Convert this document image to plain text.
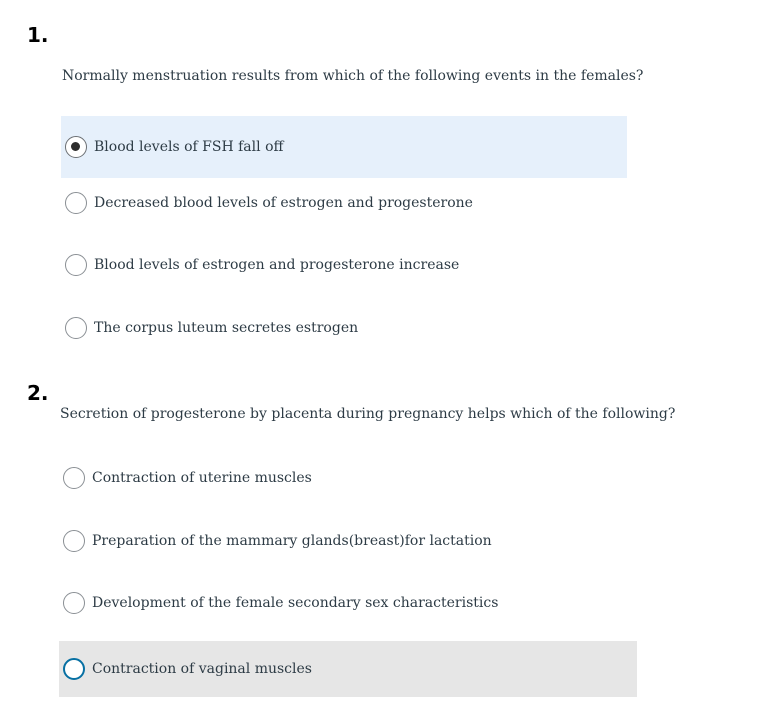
1.
Normally menstruation results from which of the following events in the females?
Blood levels of FSH fall off
Decreased blood levels of estrogen and progesterone
Blood levels of estrogen and progesterone increase
The corpus luteum secretes estrogen
2.
Secretion of progesterone by placenta during pregnancy helps which of the following?
Contraction of uterine muscles
Preparation of the mammary glands(breast)for lactation
Development of the female secondary sex characteristics
Contraction of vaginal muscles
